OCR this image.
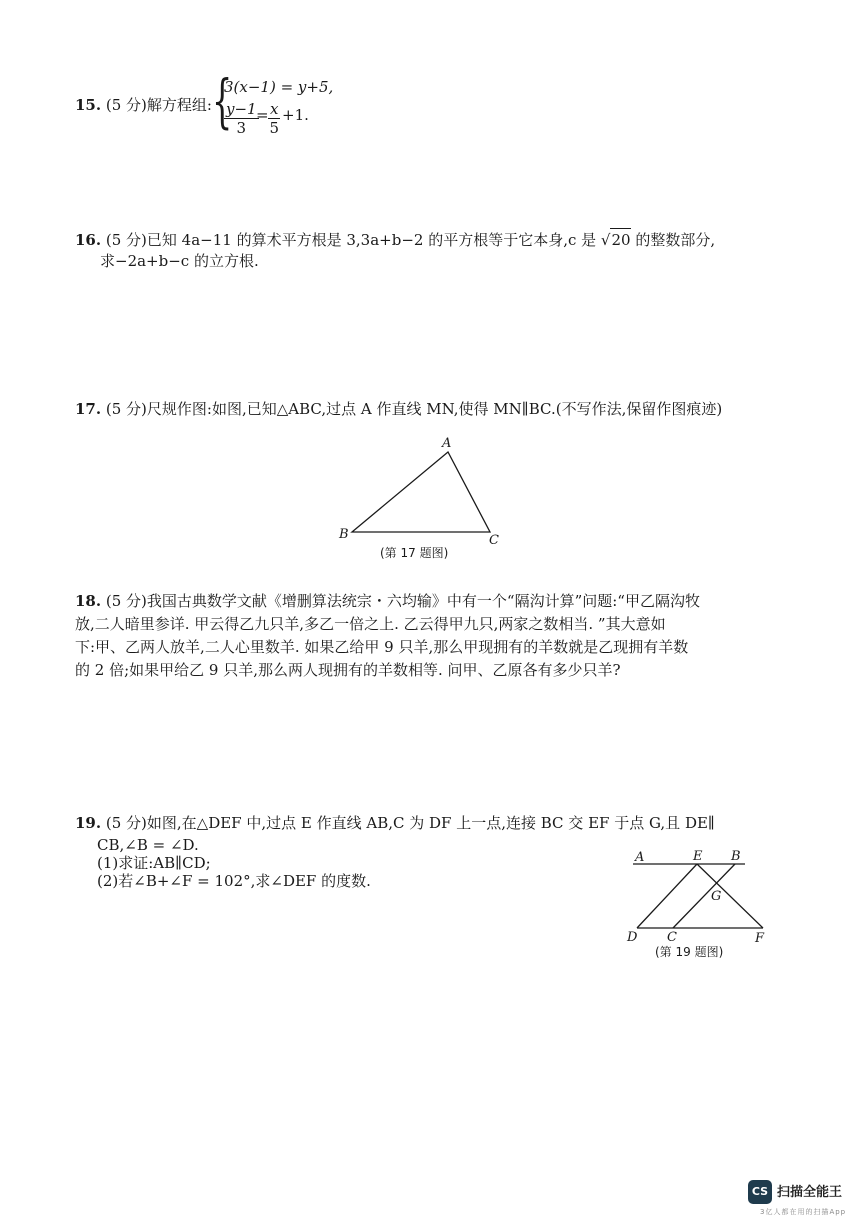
15. (5 分)解方程组: {
3(x−1) = y+5,
$\frac{y-1}{3}$
= $\frac{x}{5} +1$.
16. (5 分)已知 4a−11 的算术平方根是 3,3a+b−2 的平方根等于它本身,c 是 √20 的整数部分,
求−2a+b−c 的立方根.
17. (5 分)尺规作图:如图,已知△ABC,过点 A 作直线 MN,使得 MN∥BC.(不写作法,保留作图痕迹)
A
B	C
(第 17 题图)
18. (5 分)我国古典数学文献《增删算法统宗・六均输》中有一个“隔沟计算”问题:“甲乙隔沟牧
放,二人暗里参详. 甲云得乙九只羊,多乙一倍之上. 乙云得甲九只,两家之数相当. ”其大意如
下:甲、乙两人放羊,二人心里数羊. 如果乙给甲 9 只羊,那么甲现拥有的羊数就是乙现拥有羊数
的 2 倍;如果甲给乙 9 只羊,那么两人现拥有的羊数相等. 问甲、乙原各有多少只羊?
19. (5 分)如图,在△DEF 中,过点 E 作直线 AB,C 为 DF 上一点,连接 BC 交 EF 于点 G,且 DE∥
CB,∠B = ∠D.
(1)求证:AB∥CD;
(2)若∠B+∠F = 102°,求∠DEF 的度数.
A	E B
G
D C	F
(第 19 题图)
CS 扫描全能王
3亿人都在用的扫描App
